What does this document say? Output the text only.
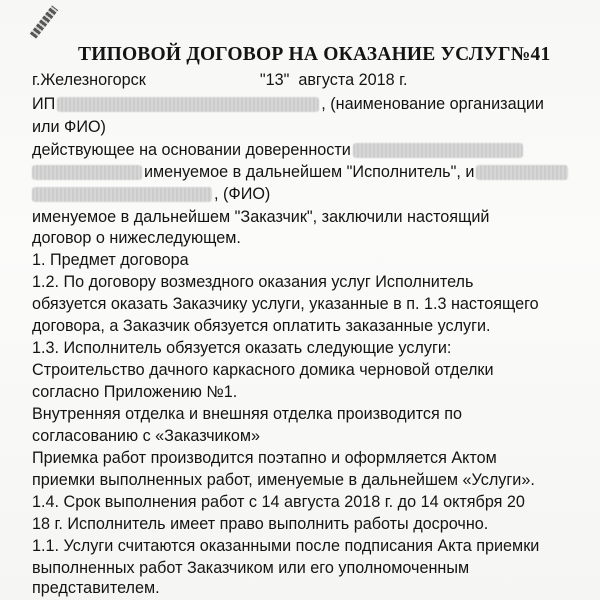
ТИПОВОЙ ДОГОВОР НА ОКАЗАНИЕ УСЛУГ№41
г.Железногорск	"13" августа 2018 г.
ИП	, (наименование организации
или ФИО)
действующее на основании доверенности
именуемое в дальнейшем "Исполнитель", и
, (ФИО)
именуемое в дальнейшем "Заказчик", заключили настоящий
договор о нижеследующем.
1. Предмет договора
1.2. По договору возмездного оказания услуг Исполнитель
обязуется оказать Заказчику услуги, указанные в п. 1.3 настоящего
договора, а Заказчик обязуется оплатить заказанные услуги.
1.3. Исполнитель обязуется оказать следующие услуги:
Строительство дачного каркасного домика черновой отделки
согласно Приложению №1.
Внутренняя отделка и внешняя отделка производится по
согласованию с «Заказчиком»
Приемка работ производится поэтапно и оформляется Актом
приемки выполненных работ, именуемые в дальнейшем «Услуги».
1.4. Срок выполнения работ с 14 августа 2018 г. до 14 октября 20
18 г. Исполнитель имеет право выполнить работы досрочно.
1.1. Услуги считаются оказанными после подписания Акта приемки
выполненных работ Заказчиком или его уполномоченным
представителем.
